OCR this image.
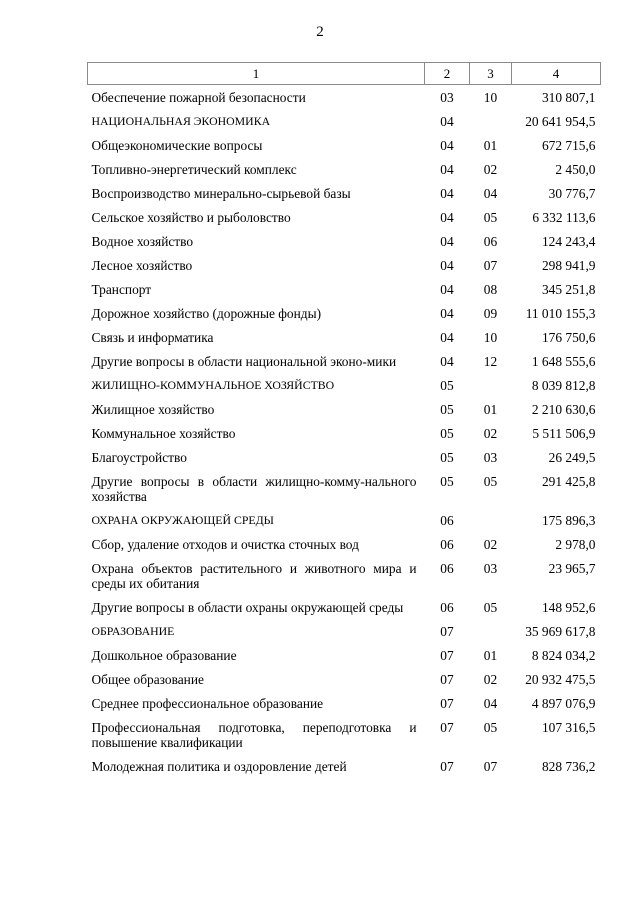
2
1	2	3	4
Обеспечение пожарной безопасности	03	10	310 807,1
НАЦИОНАЛЬНАЯ ЭКОНОМИКА	04		20 641 954,5
Общеэкономические вопросы	04	01	672 715,6
Топливно-энергетический комплекс	04	02	2 450,0
Воспроизводство минерально-сырьевой базы	04	04	30 776,7
Сельское хозяйство и рыболовство	04	05	6 332 113,6
Водное хозяйство	04	06	124 243,4
Лесное хозяйство	04	07	298 941,9
Транспорт	04	08	345 251,8
Дорожное хозяйство (дорожные фонды)	04	09	11 010 155,3
Связь и информатика	04	10	176 750,6
Другие вопросы в области национальной эконо-мики	04	12	1 648 555,6
ЖИЛИЩНО-КОММУНАЛЬНОЕ ХОЗЯЙСТВО	05		8 039 812,8
Жилищное хозяйство	05	01	2 210 630,6
Коммунальное хозяйство	05	02	5 511 506,9
Благоустройство	05	03	26 249,5
Другие вопросы в области жилищно-комму-нального хозяйства	05	05	291 425,8
ОХРАНА ОКРУЖАЮЩЕЙ СРЕДЫ	06		175 896,3
Сбор, удаление отходов и очистка сточных вод	06	02	2 978,0
Охрана объектов растительного и животного мира и среды их обитания	06	03	23 965,7
Другие вопросы в области охраны окружающей среды	06	05	148 952,6
ОБРАЗОВАНИЕ	07		35 969 617,8
Дошкольное образование	07	01	8 824 034,2
Общее образование	07	02	20 932 475,5
Среднее профессиональное образование	07	04	4 897 076,9
Профессиональная подготовка, переподготовка и повышение квалификации	07	05	107 316,5
Молодежная политика и оздоровление детей	07	07	828 736,2
